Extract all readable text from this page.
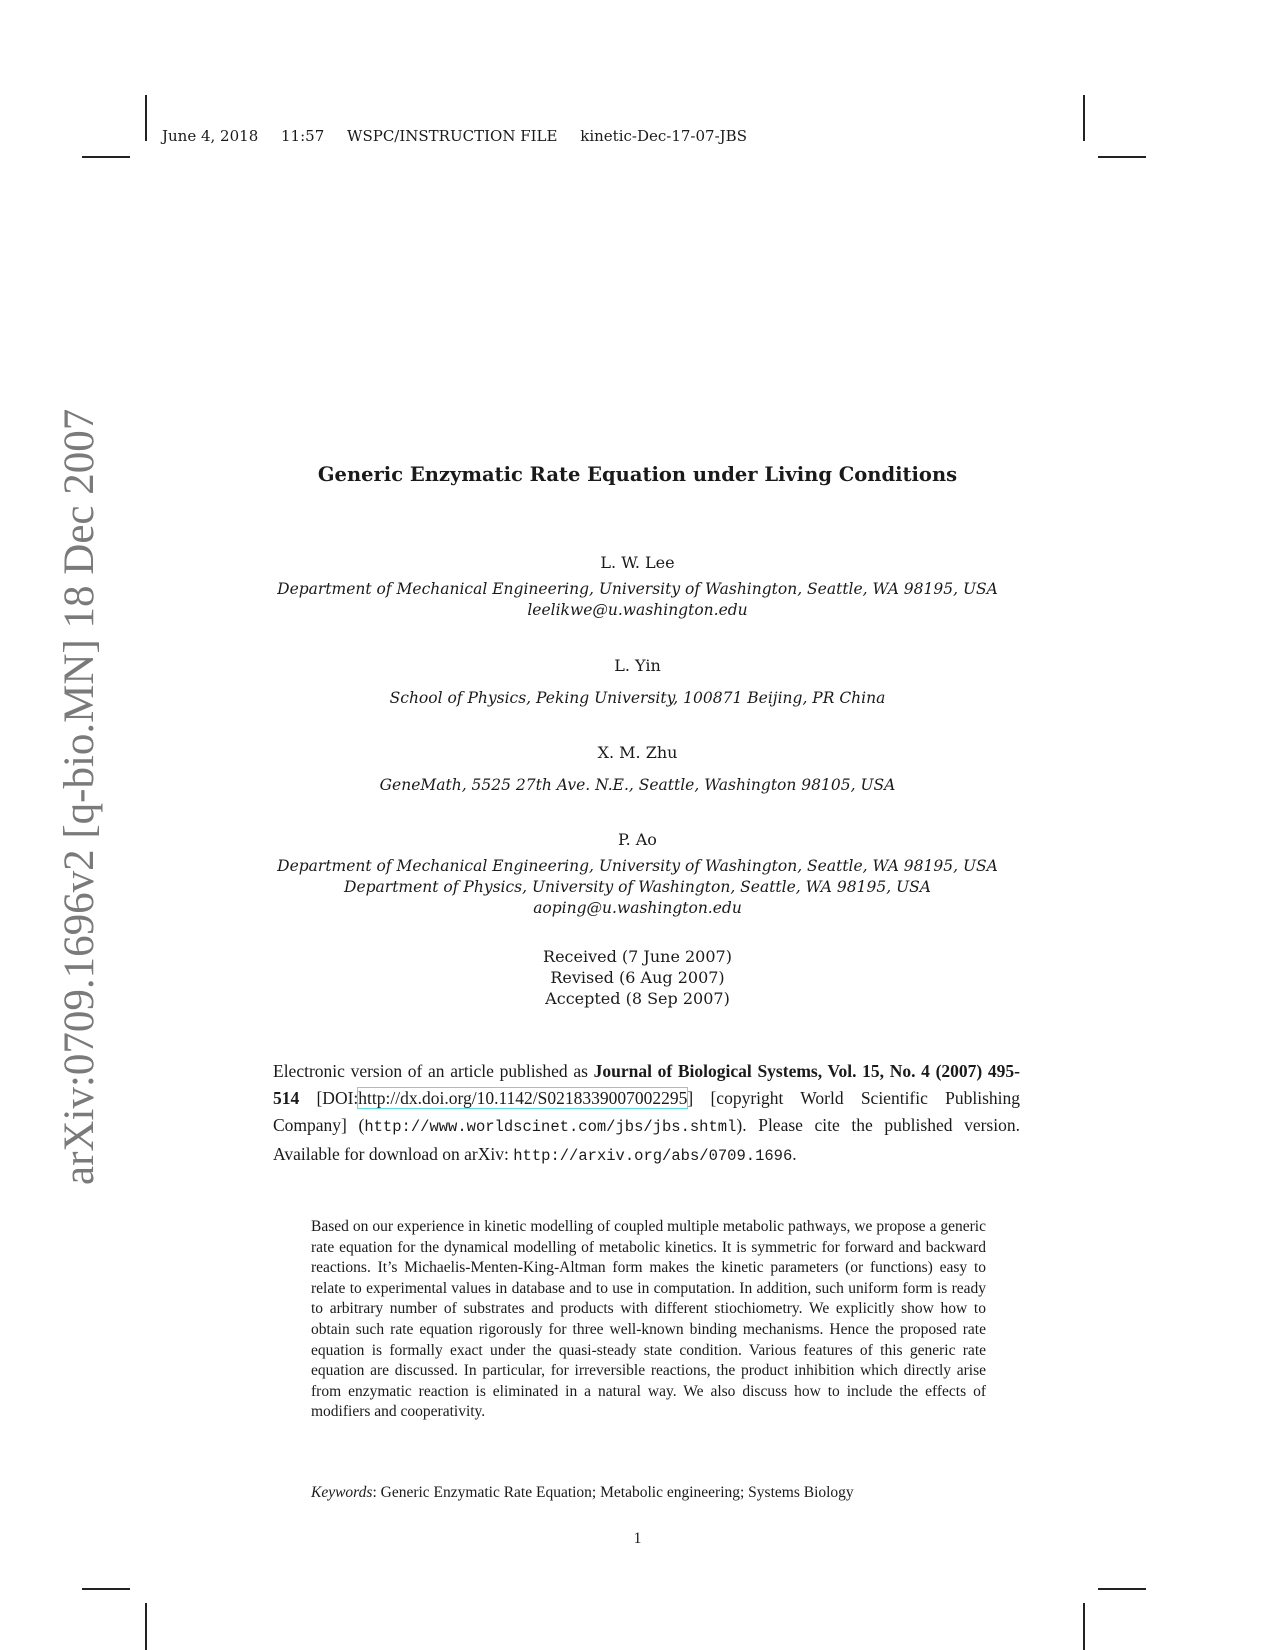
June 4, 2018 11:57 WSPC/INSTRUCTION FILE kinetic-Dec-17-07-JBS
arXiv:0709.1696v2 [q-bio.MN] 18 Dec 2007	Generic Enzymatic Rate Equation under Living Conditions
L. W. Lee
Department of Mechanical Engineering, University of Washington, Seattle, WA 98195, USA
leelikwe@u.washington.edu
L. Yin
School of Physics, Peking University, 100871 Beijing, PR China
X. M. Zhu
GeneMath, 5525 27th Ave. N.E., Seattle, Washington 98105, USA
P. Ao
Department of Mechanical Engineering, University of Washington, Seattle, WA 98195, USA
Department of Physics, University of Washington, Seattle, WA 98195, USA
aoping@u.washington.edu
Received (7 June 2007)
Revised (6 Aug 2007)
Accepted (8 Sep 2007)
Electronic version of an article published as Journal of Biological Systems, Vol. 15, No. 4 (2007) 495-514 [DOI:http://dx.doi.org/10.1142/S0218339007002295] [copyright World Scientific Publishing Company] (http://www.worldscinet.com/jbs/jbs.shtml). Please cite the published version. Available for download on arXiv: http://arxiv.org/abs/0709.1696.
Based on our experience in kinetic modelling of coupled multiple metabolic pathways, we propose a generic rate equation for the dynamical modelling of metabolic kinetics. It is symmetric for forward and backward reactions. It’s Michaelis-Menten-King-Altman form makes the kinetic parameters (or functions) easy to relate to experimental values in database and to use in computation. In addition, such uniform form is ready to arbitrary number of substrates and products with different stiochiometry. We explicitly show how to obtain such rate equation rigorously for three well-known binding mechanisms. Hence the proposed rate equation is formally exact under the quasi-steady state condition. Various features of this generic rate equation are discussed. In particular, for irreversible reactions, the product inhibition which directly arise from enzymatic reaction is eliminated in a natural way. We also discuss how to include the effects of modifiers and cooperativity.
Keywords: Generic Enzymatic Rate Equation; Metabolic engineering; Systems Biology
1
